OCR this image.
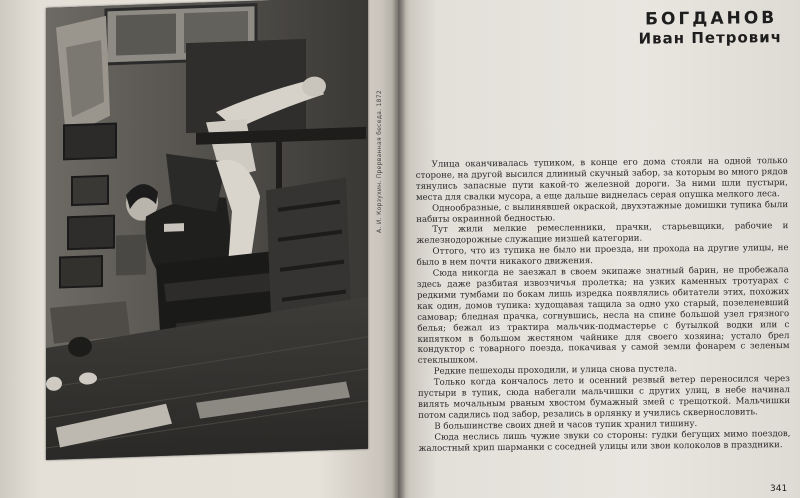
А. И. Корзухин. Прерванная беседа. 1872
БОГДАНОВ
Иван Петрович

Улица оканчивалась тупиком, в конце его дома стояли на одной только стороне, на другой высился длинный скучный забор, за которым во много рядов тянулись запасные пути какой-то железной дороги. За ними шли пустыри, места для свалки мусора, а еще дальше виднелась серая опушка мелкого леса.

Однообразные, с вылинявшей окраской, двухэтажные домишки тупика были набиты окраинной бедностью.

Тут жили мелкие ремесленники, прачки, старьевщики, рабочие и железнодорожные служащие низшей категории.

Оттого, что из тупика не было ни проезда, ни прохода на другие улицы, не было в нем почти никакого движения.

Сюда никогда не заезжал в своем экипаже знатный барин, не пробежала здесь даже разбитая извозчичья пролетка; на узких каменных тротуарах с редкими тумбами по бокам лишь изредка появлялись обитатели этих, похожих как один, домов тупика: худощавая тащила за одно ухо старый, позеленевший самовар; бледная прачка, согнувшись, несла на спине большой узел грязного белья; бежал из трактира мальчик-подмастерье с бутылкой водки или с кипятком в большом жестяном чайнике для своего хозяина; устало брел кондуктор с товарного поезда, покачивая у самой земли фонарем с зеленым стеклышком.

Редкие пешеходы проходили, и улица снова пустела.

Только когда кончалось лето и осенний резвый ветер переносился через пустыри в тупик, сюда набегали мальчишки с других улиц, в небе начинал вилять мочальным рваным хвостом бумажный змей с трещоткой. Мальчишки потом садились под забор, резались в орлянку и учились сквернословить.

В большинстве своих дней и часов тупик хранил тишину.

Сюда неслись лишь чужие звуки со стороны: гудки бегущих мимо поездов, жалостный хрип шарманки с соседней улицы или звон колоколов в праздники.

341
